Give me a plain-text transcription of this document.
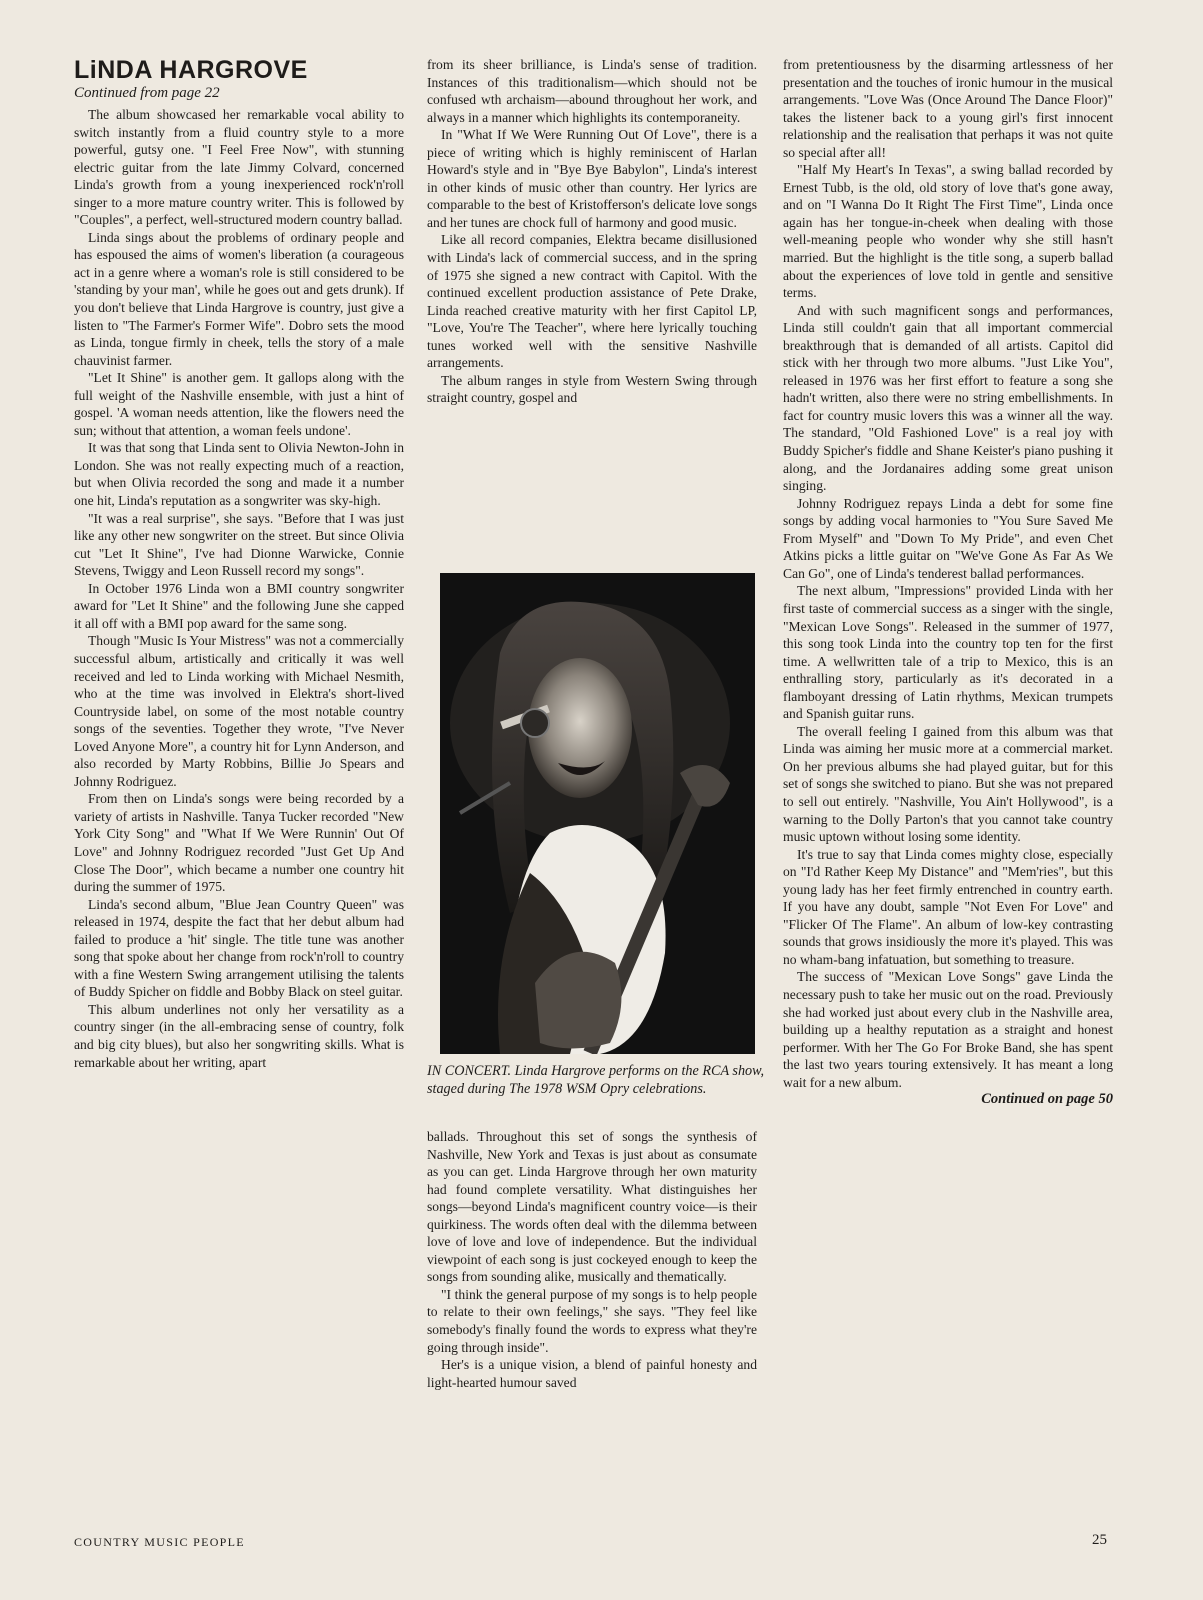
LiNDA HARGROVE
Continued from page 22

The album showcased her remarkable vocal ability to switch instantly from a fluid country style to a more powerful, gutsy one. "I Feel Free Now", with stunning electric guitar from the late Jimmy Colvard, concerned Linda's growth from a young inexperienced rock'n'roll singer to a more mature country writer. This is followed by "Couples", a perfect, well-structured modern country ballad.

Linda sings about the problems of ordinary people and has espoused the aims of women's liberation (a courageous act in a genre where a woman's role is still considered to be 'standing by your man', while he goes out and gets drunk). If you don't believe that Linda Hargrove is country, just give a listen to "The Farmer's Former Wife". Dobro sets the mood as Linda, tongue firmly in cheek, tells the story of a male chauvinist farmer.

"Let It Shine" is another gem. It gallops along with the full weight of the Nashville ensemble, with just a hint of gospel. 'A woman needs attention, like the flowers need the sun; without that attention, a woman feels undone'.

It was that song that Linda sent to Olivia Newton-John in London. She was not really expecting much of a reaction, but when Olivia recorded the song and made it a number one hit, Linda's reputation as a songwriter was sky-high.

"It was a real surprise", she says. "Before that I was just like any other new songwriter on the street. But since Olivia cut "Let It Shine", I've had Dionne Warwicke, Connie Stevens, Twiggy and Leon Russell record my songs".

In October 1976 Linda won a BMI country songwriter award for "Let It Shine" and the following June she capped it all off with a BMI pop award for the same song.

Though "Music Is Your Mistress" was not a commercially successful album, artistically and critically it was well received and led to Linda working with Michael Nesmith, who at the time was involved in Elektra's short-lived Countryside label, on some of the most notable country songs of the seventies. Together they wrote, "I've Never Loved Anyone More", a country hit for Lynn Anderson, and also recorded by Marty Robbins, Billie Jo Spears and Johnny Rodriguez.

From then on Linda's songs were being recorded by a variety of artists in Nashville. Tanya Tucker recorded "New York City Song" and "What If We Were Runnin' Out Of Love" and Johnny Rodriguez recorded "Just Get Up And Close The Door", which became a number one country hit during the summer of 1975.

Linda's second album, "Blue Jean Country Queen" was released in 1974, despite the fact that her debut album had failed to produce a 'hit' single. The title tune was another song that spoke about her change from rock'n'roll to country with a fine Western Swing arrangement utilising the talents of Buddy Spicher on fiddle and Bobby Black on steel guitar.

This album underlines not only her versatility as a country singer (in the all-embracing sense of country, folk and big city blues), but also her songwriting skills. What is remarkable about her writing, apart

from its sheer brilliance, is Linda's sense of tradition. Instances of this traditionalism—which should not be confused wth archaism—abound throughout her work, and always in a manner which highlights its contemporaneity.

In "What If We Were Running Out Of Love", there is a piece of writing which is highly reminiscent of Harlan Howard's style and in "Bye Bye Babylon", Linda's interest in other kinds of music other than country. Her lyrics are comparable to the best of Kristofferson's delicate love songs and her tunes are chock full of harmony and good music.

Like all record companies, Elektra became disillusioned with Linda's lack of commercial success, and in the spring of 1975 she signed a new contract with Capitol. With the continued excellent production assistance of Pete Drake, Linda reached creative maturity with her first Capitol LP, "Love, You're The Teacher", where here lyrically touching tunes worked well with the sensitive Nashville arrangements.

The album ranges in style from Western Swing through straight country, gospel and

IN CONCERT. Linda Hargrove performs on the RCA show, staged during The 1978 WSM Opry celebrations.

ballads. Throughout this set of songs the synthesis of Nashville, New York and Texas is just about as consumate as you can get. Linda Hargrove through her own maturity had found complete versatility. What distinguishes her songs—beyond Linda's magnificent country voice—is their quirkiness. The words often deal with the dilemma between love of love and love of independence. But the individual viewpoint of each song is just cockeyed enough to keep the songs from sounding alike, musically and thematically.

"I think the general purpose of my songs is to help people to relate to their own feelings," she says. "They feel like somebody's finally found the words to express what they're going through inside".

Her's is a unique vision, a blend of painful honesty and light-hearted humour saved

from pretentiousness by the disarming artlessness of her presentation and the touches of ironic humour in the musical arrangements. "Love Was (Once Around The Dance Floor)" takes the listener back to a young girl's first innocent relationship and the realisation that perhaps it was not quite so special after all!

"Half My Heart's In Texas", a swing ballad recorded by Ernest Tubb, is the old, old story of love that's gone away, and on "I Wanna Do It Right The First Time", Linda once again has her tongue-in-cheek when dealing with those well-meaning people who wonder why she still hasn't married. But the highlight is the title song, a superb ballad about the experiences of love told in gentle and sensitive terms.

And with such magnificent songs and performances, Linda still couldn't gain that all important commercial breakthrough that is demanded of all artists. Capitol did stick with her through two more albums. "Just Like You", released in 1976 was her first effort to feature a song she hadn't written, also there were no string embellishments. In fact for country music lovers this was a winner all the way. The standard, "Old Fashioned Love" is a real joy with Buddy Spicher's fiddle and Shane Keister's piano pushing it along, and the Jordanaires adding some great unison singing.

Johnny Rodriguez repays Linda a debt for some fine songs by adding vocal harmonies to "You Sure Saved Me From Myself" and "Down To My Pride", and even Chet Atkins picks a little guitar on "We've Gone As Far As We Can Go", one of Linda's tenderest ballad performances.

The next album, "Impressions" provided Linda with her first taste of commercial success as a singer with the single, "Mexican Love Songs". Released in the summer of 1977, this song took Linda into the country top ten for the first time. A wellwritten tale of a trip to Mexico, this is an enthralling story, particularly as it's decorated in a flamboyant dressing of Latin rhythms, Mexican trumpets and Spanish guitar runs.

The overall feeling I gained from this album was that Linda was aiming her music more at a commercial market. On her previous albums she had played guitar, but for this set of songs she switched to piano. But she was not prepared to sell out entirely. "Nashville, You Ain't Hollywood", is a warning to the Dolly Parton's that you cannot take country music uptown without losing some identity.

It's true to say that Linda comes mighty close, especially on "I'd Rather Keep My Distance" and "Mem'ries", but this young lady has her feet firmly entrenched in country earth. If you have any doubt, sample "Not Even For Love" and "Flicker Of The Flame". An album of low-key contrasting sounds that grows insidiously the more it's played. This was no wham-bang infatuation, but something to treasure.

The success of "Mexican Love Songs" gave Linda the necessary push to take her music out on the road. Previously she had worked just about every club in the Nashville area, building up a healthy reputation as a straight and honest performer. With her The Go For Broke Band, she has spent the last two years touring extensively. It has meant a long wait for a new album.

Continued on page 50

COUNTRY MUSIC PEOPLE	25
